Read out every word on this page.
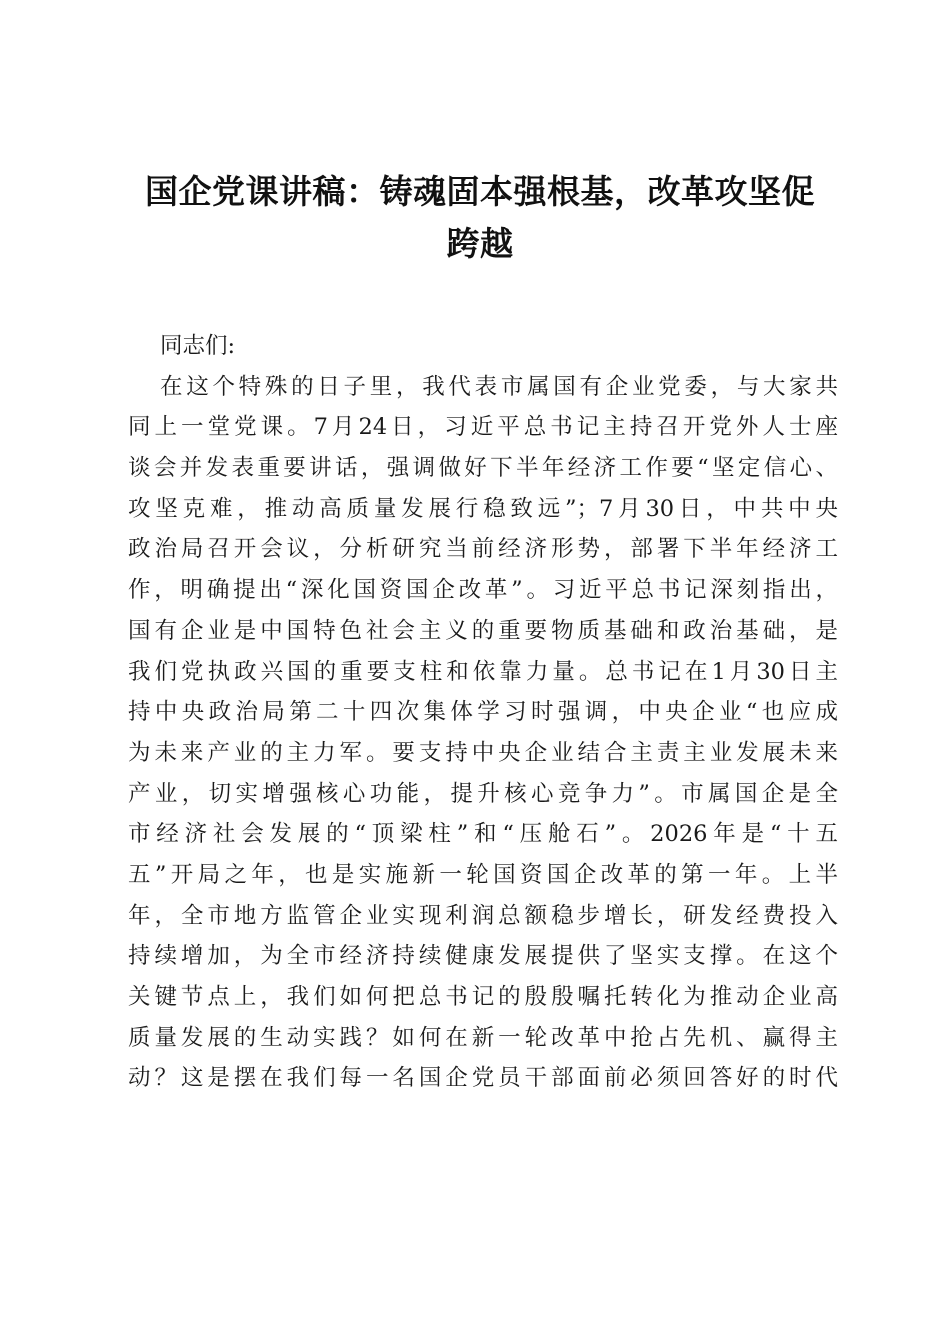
国企党课讲稿：铸魂固本强根基，改革攻坚促
跨越
同志们:
在这个特殊的日子里，我代表市属国有企业党委，与大家共
同上一堂党课。7月24日，习近平总书记主持召开党外人士座
谈会并发表重要讲话，强调做好下半年经济工作要“坚定信心、
攻坚克难，推动高质量发展行稳致远”；7月30日，中共中央
政治局召开会议，分析研究当前经济形势，部署下半年经济工
作，明确提出“深化国资国企改革”。习近平总书记深刻指出，
国有企业是中国特色社会主义的重要物质基础和政治基础，是
我们党执政兴国的重要支柱和依靠力量。总书记在1月30日主
持中央政治局第二十四次集体学习时强调，中央企业“也应成
为未来产业的主力军。要支持中央企业结合主责主业发展未来
产业，切实增强核心功能，提升核心竞争力”。市属国企是全
市经济社会发展的“顶梁柱”和“压舱石”。2026年是“十五
五”开局之年，也是实施新一轮国资国企改革的第一年。上半
年，全市地方监管企业实现利润总额稳步增长，研发经费投入
持续增加，为全市经济持续健康发展提供了坚实支撑。在这个
关键节点上，我们如何把总书记的殷殷嘱托转化为推动企业高
质量发展的生动实践？如何在新一轮改革中抢占先机、赢得主
动？这是摆在我们每一名国企党员干部面前必须回答好的时代
